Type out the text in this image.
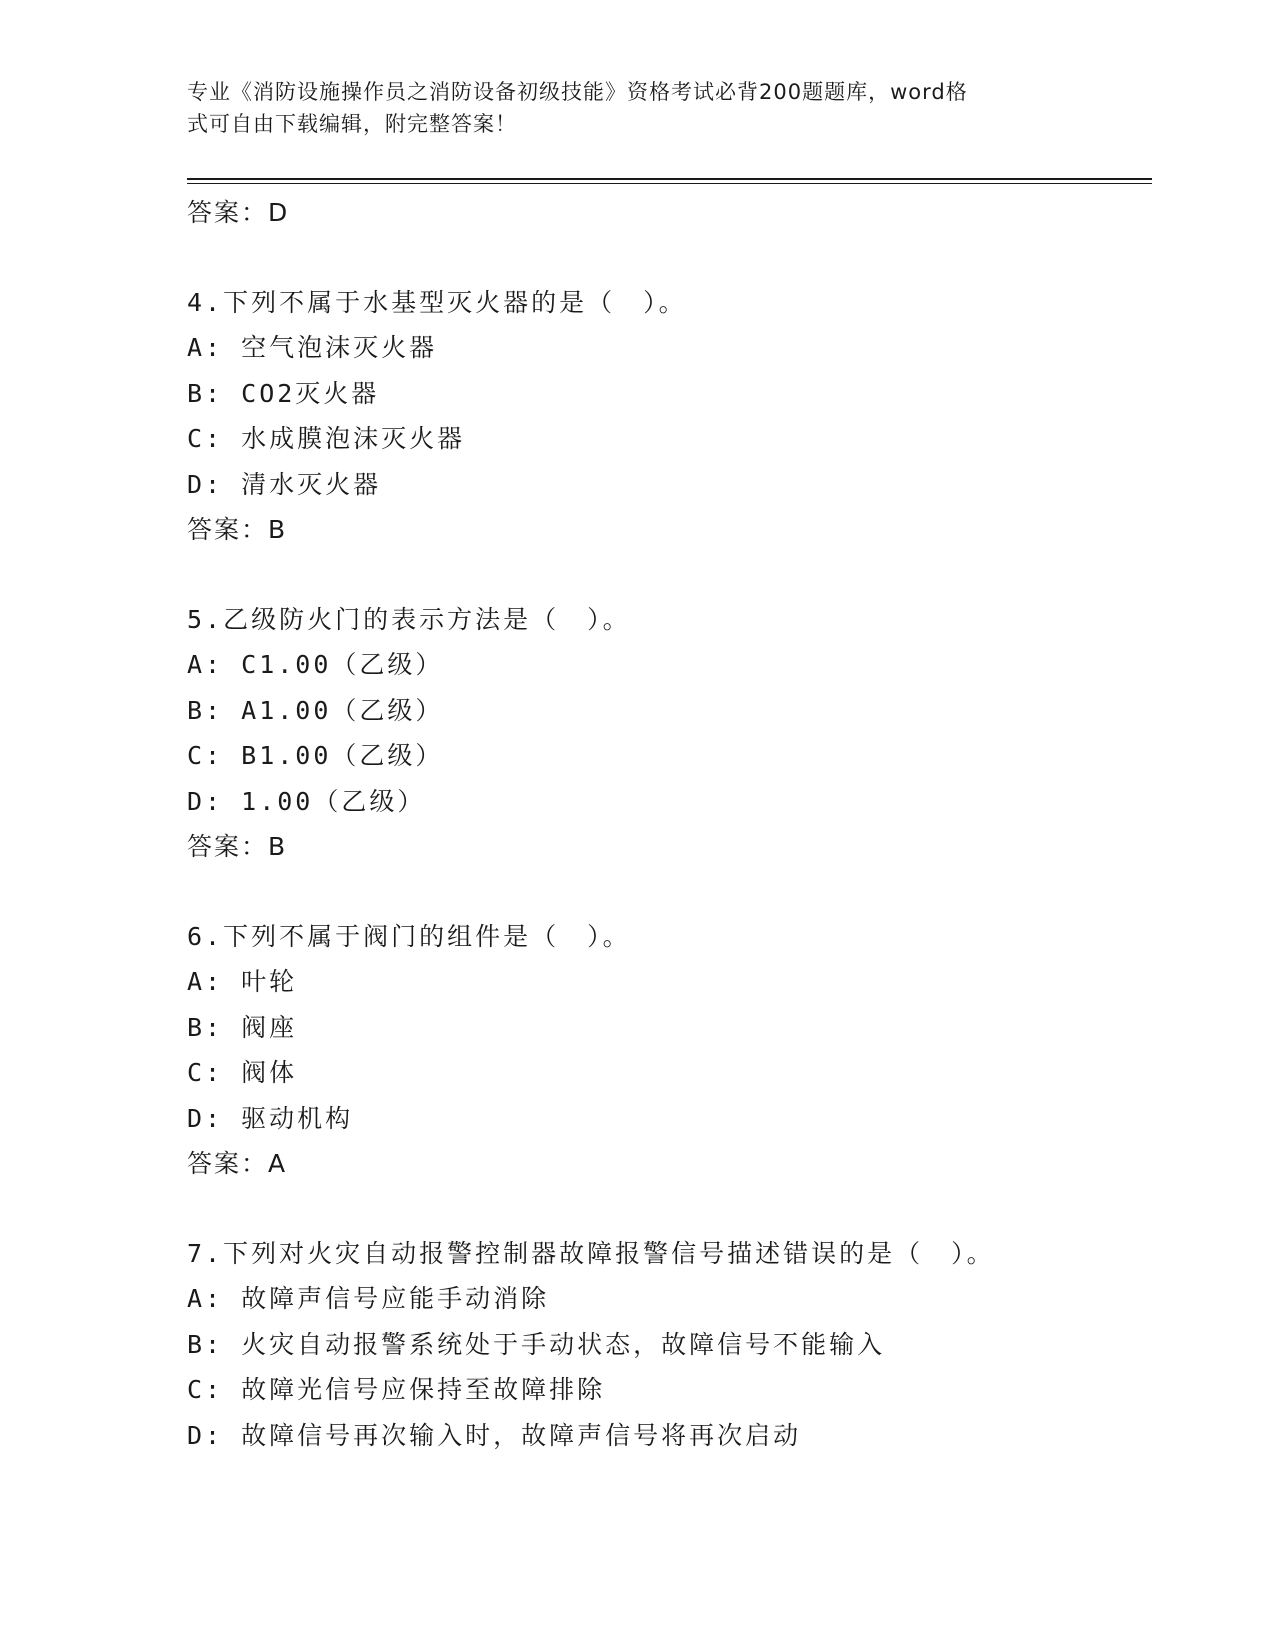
专业《消防设施操作员之消防设备初级技能》资格考试必背200题题库，word格
式可自由下载编辑，附完整答案！
答案：D
4.下列不属于水基型灭火器的是（　）。
A: 空气泡沫灭火器
B: CO2灭火器
C: 水成膜泡沫灭火器
D: 清水灭火器
答案：B
5.乙级防火门的表示方法是（　）。
A: C1.00（乙级）
B: A1.00（乙级）
C: B1.00（乙级）
D: 1.00（乙级）
答案：B
6.下列不属于阀门的组件是（　）。
A: 叶轮
B: 阀座
C: 阀体
D: 驱动机构
答案：A
7.下列对火灾自动报警控制器故障报警信号描述错误的是（　）。
A: 故障声信号应能手动消除
B: 火灾自动报警系统处于手动状态，故障信号不能输入
C: 故障光信号应保持至故障排除
D: 故障信号再次输入时，故障声信号将再次启动
